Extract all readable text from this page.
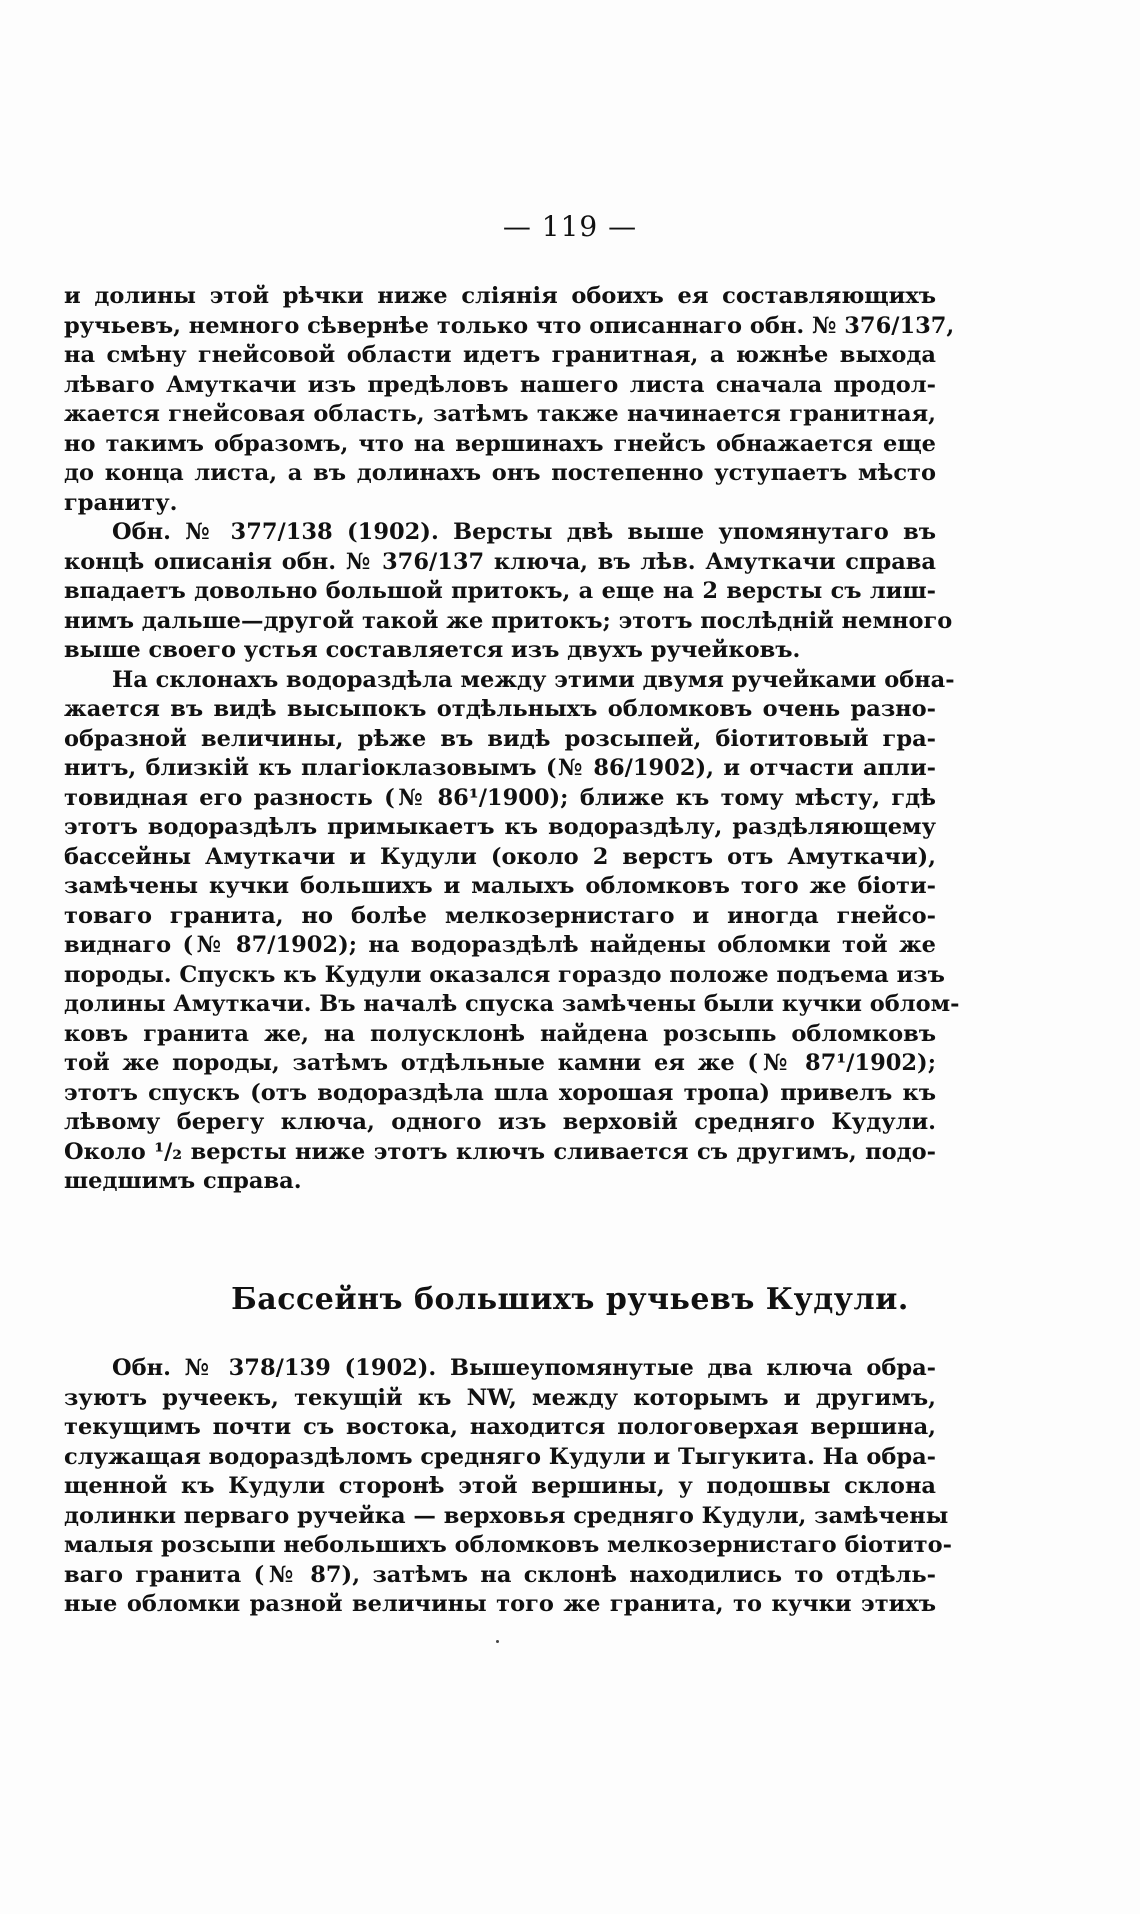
— 119 —
и долины этой рѣчки ниже сліянія обоихъ ея составляющихъ
ручьевъ, немного сѣвернѣе только что описаннаго обн. № 376/137,
на смѣну гнейсовой области идетъ гранитная, а южнѣе выхода
лѣваго Амуткачи изъ предѣловъ нашего листа сначала продол-
жается гнейсовая область, затѣмъ также начинается гранитная,
но такимъ образомъ, что на вершинахъ гнейсъ обнажается еще
до конца листа, а въ долинахъ онъ постепенно уступаетъ мѣсто
граниту.
Обн. № 377/138 (1902). Версты двѣ выше упомянутаго въ
концѣ описанія обн. № 376/137 ключа, въ лѣв. Амуткачи справа
впадаетъ довольно большой притокъ, а еще на 2 версты съ лиш-
нимъ дальше—другой такой же притокъ; этотъ послѣдній немного
выше своего устья составляется изъ двухъ ручейковъ.
На склонахъ водораздѣла между этими двумя ручейками обна-
жается въ видѣ высыпокъ отдѣльныхъ обломковъ очень разно-
образной величины, рѣже въ видѣ розсыпей, біотитовый гра-
нитъ, близкій къ плагіоклазовымъ (№ 86/1902), и отчасти апли-
товидная его разность (№ 86¹/1900); ближе къ тому мѣсту, гдѣ
этотъ водораздѣлъ примыкаетъ къ водораздѣлу, раздѣляющему
бассейны Амуткачи и Кудули (около 2 верстъ отъ Амуткачи),
замѣчены кучки большихъ и малыхъ обломковъ того же біоти-
товаго гранита, но болѣе мелкозернистаго и иногда гнейсо-
виднаго (№ 87/1902); на водораздѣлѣ найдены обломки той же
породы. Спускъ къ Кудули оказался гораздо положе подъема изъ
долины Амуткачи. Въ началѣ спуска замѣчены были кучки облом-
ковъ гранита же, на полусклонѣ найдена розсыпь обломковъ
той же породы, затѣмъ отдѣльные камни ея же (№ 87¹/1902);
этотъ спускъ (отъ водораздѣла шла хорошая тропа) привелъ къ
лѣвому берегу ключа, одного изъ верховій средняго Кудули.
Около ¹/₂ версты ниже этотъ ключъ сливается съ другимъ, подо-
шедшимъ справа.
Бассейнъ большихъ ручьевъ Кудули.
Обн. № 378/139 (1902). Вышеупомянутые два ключа обра-
зуютъ ручеекъ, текущій къ NW, между которымъ и другимъ,
текущимъ почти съ востока, находится пологоверхая вершина,
служащая водораздѣломъ средняго Кудули и Тыгукита. На обра-
щенной къ Кудули сторонѣ этой вершины, у подошвы склона
долинки перваго ручейка — верховья средняго Кудули, замѣчены
малыя розсыпи небольшихъ обломковъ мелкозернистаго біотито-
ваго гранита (№ 87), затѣмъ на склонѣ находились то отдѣль-
ные обломки разной величины того же гранита, то кучки этихъ
